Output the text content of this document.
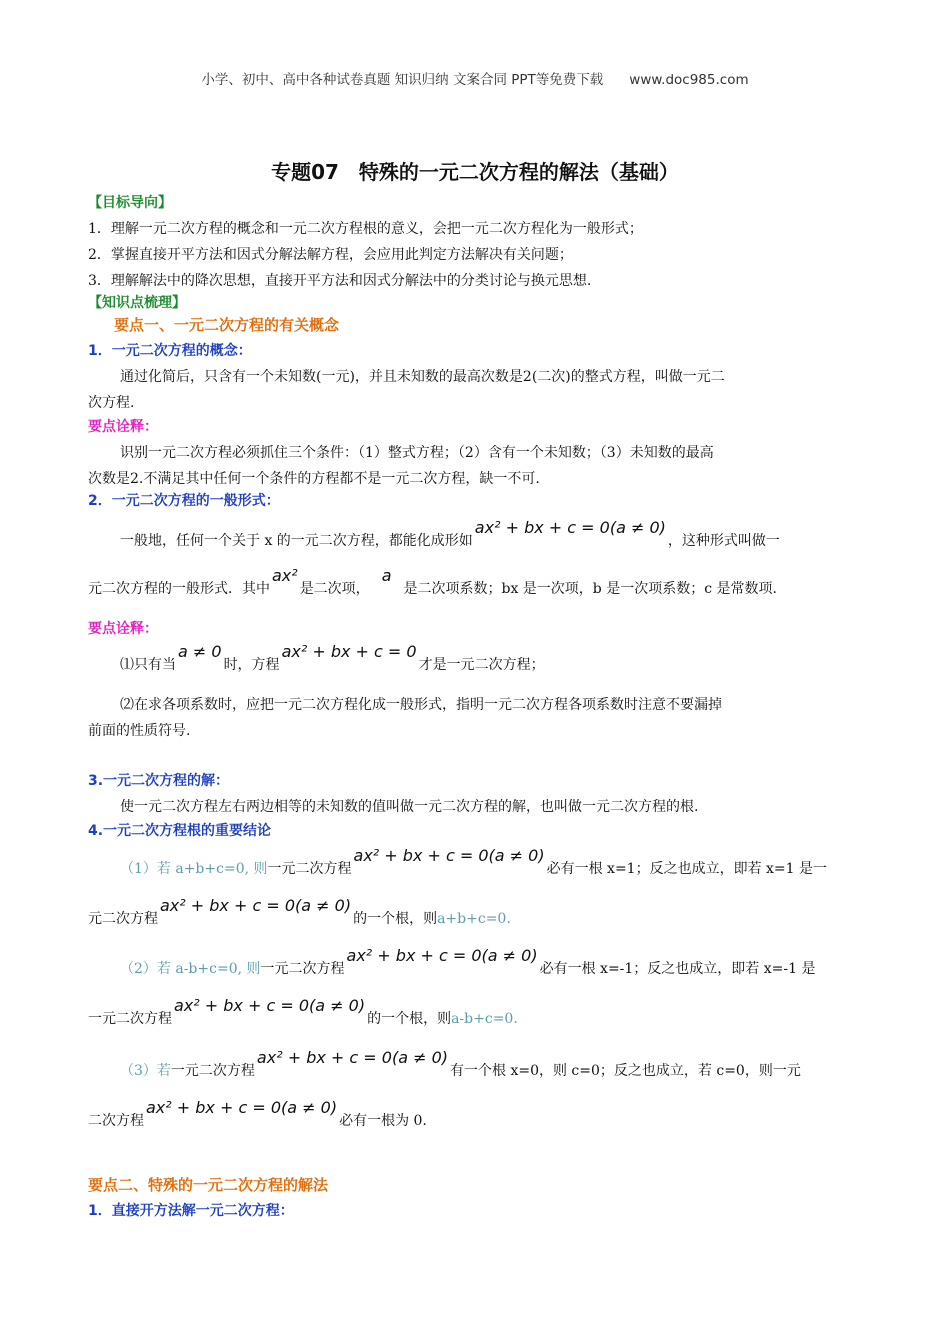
小学、初中、高中各种试卷真题 知识归纳 文案合同 PPT等免费下载 www.doc985.com
专题07　特殊的一元二次方程的解法（基础）
【目标导向】
1．理解一元二次方程的概念和一元二次方程根的意义，会把一元二次方程化为一般形式；
2．掌握直接开平方法和因式分解法解方程，会应用此判定方法解决有关问题；
3．理解解法中的降次思想，直接开平方法和因式分解法中的分类讨论与换元思想.
【知识点梳理】
要点一、一元二次方程的有关概念
1．一元二次方程的概念：
通过化简后，只含有一个未知数(一元)，并且未知数的最高次数是2(二次)的整式方程，叫做一元二
次方程.
要点诠释：
识别一元二次方程必须抓住三个条件：（1）整式方程；（2）含有一个未知数；（3）未知数的最高
次数是2.不满足其中任何一个条件的方程都不是一元二次方程，缺一不可.
2．一元二次方程的一般形式：
一般地，任何一个关于 x 的一元二次方程，都能化成形如ax² + bx + c = 0(a ≠ 0)，这种形式叫做一
元二次方程的一般形式．其中ax²是二次项，a是二次项系数；bx 是一次项，b 是一次项系数；c 是常数项.
要点诠释：
⑴只有当a ≠ 0时，方程ax² + bx + c = 0才是一元二次方程；
⑵在求各项系数时，应把一元二次方程化成一般形式，指明一元二次方程各项系数时注意不要漏掉
前面的性质符号.
3.一元二次方程的解：
使一元二次方程左右两边相等的未知数的值叫做一元二次方程的解，也叫做一元二次方程的根.
4.一元二次方程根的重要结论
（1）若 a+b+c=0, 则一元二次方程ax² + bx + c = 0(a ≠ 0)必有一根 x=1；反之也成立，即若 x=1 是一
元二次方程ax² + bx + c = 0(a ≠ 0)的一个根，则a+b+c=0.
（2）若 a-b+c=0, 则一元二次方程ax² + bx + c = 0(a ≠ 0)必有一根 x=-1；反之也成立，即若 x=-1 是
一元二次方程ax² + bx + c = 0(a ≠ 0)的一个根，则a-b+c=0.
（3）若一元二次方程ax² + bx + c = 0(a ≠ 0)有一个根 x=0，则 c=0；反之也成立，若 c=0，则一元
二次方程ax² + bx + c = 0(a ≠ 0)必有一根为 0.
要点二、特殊的一元二次方程的解法
1．直接开方法解一元二次方程：
